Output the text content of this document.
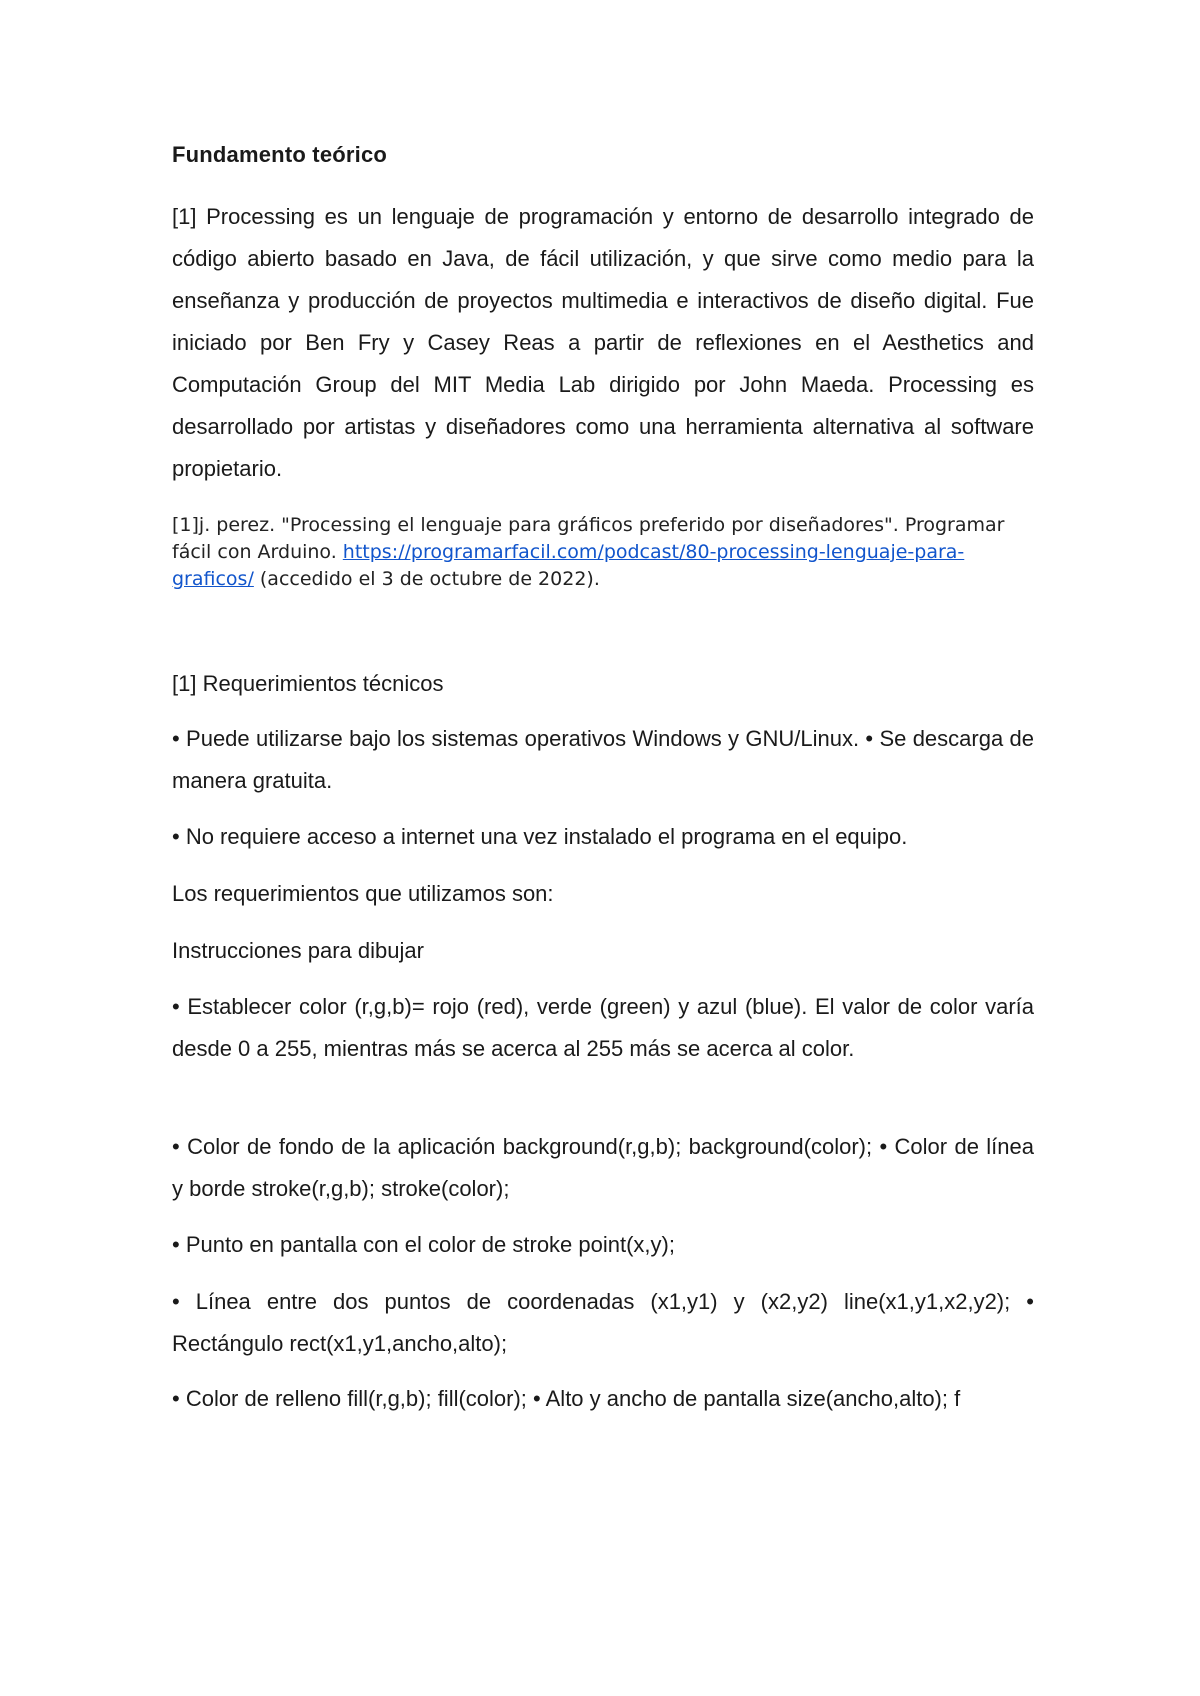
Fundamento teórico

[1] Processing es un lenguaje de programación y entorno de desarrollo integrado de código abierto basado en Java, de fácil utilización, y que sirve como medio para la enseñanza y producción de proyectos multimedia e interactivos de diseño digital. Fue iniciado por Ben Fry y Casey Reas a partir de reflexiones en el Aesthetics and Computación Group del MIT Media Lab dirigido por John Maeda. Processing es desarrollado por artistas y diseñadores como una herramienta alternativa al software propietario.

[1]j. perez. "Processing el lenguaje para gráficos preferido por diseñadores". Programar fácil con Arduino. https://programarfacil.com/podcast/80-processing-lenguaje-para-graficos/ (accedido el 3 de octubre de 2022).

[1] Requerimientos técnicos

• Puede utilizarse bajo los sistemas operativos Windows y GNU/Linux. • Se descarga de manera gratuita.

• No requiere acceso a internet una vez instalado el programa en el equipo.

Los requerimientos que utilizamos son:

Instrucciones para dibujar

• Establecer color (r,g,b)= rojo (red), verde (green) y azul (blue). El valor de color varía desde 0 a 255, mientras más se acerca al 255 más se acerca al color.

• Color de fondo de la aplicación background(r,g,b); background(color); • Color de línea y borde stroke(r,g,b); stroke(color);

• Punto en pantalla con el color de stroke point(x,y);

• Línea entre dos puntos de coordenadas (x1,y1) y (x2,y2) line(x1,y1,x2,y2); • Rectángulo rect(x1,y1,ancho,alto);

• Color de relleno fill(r,g,b); fill(color); • Alto y ancho de pantalla size(ancho,alto); f
